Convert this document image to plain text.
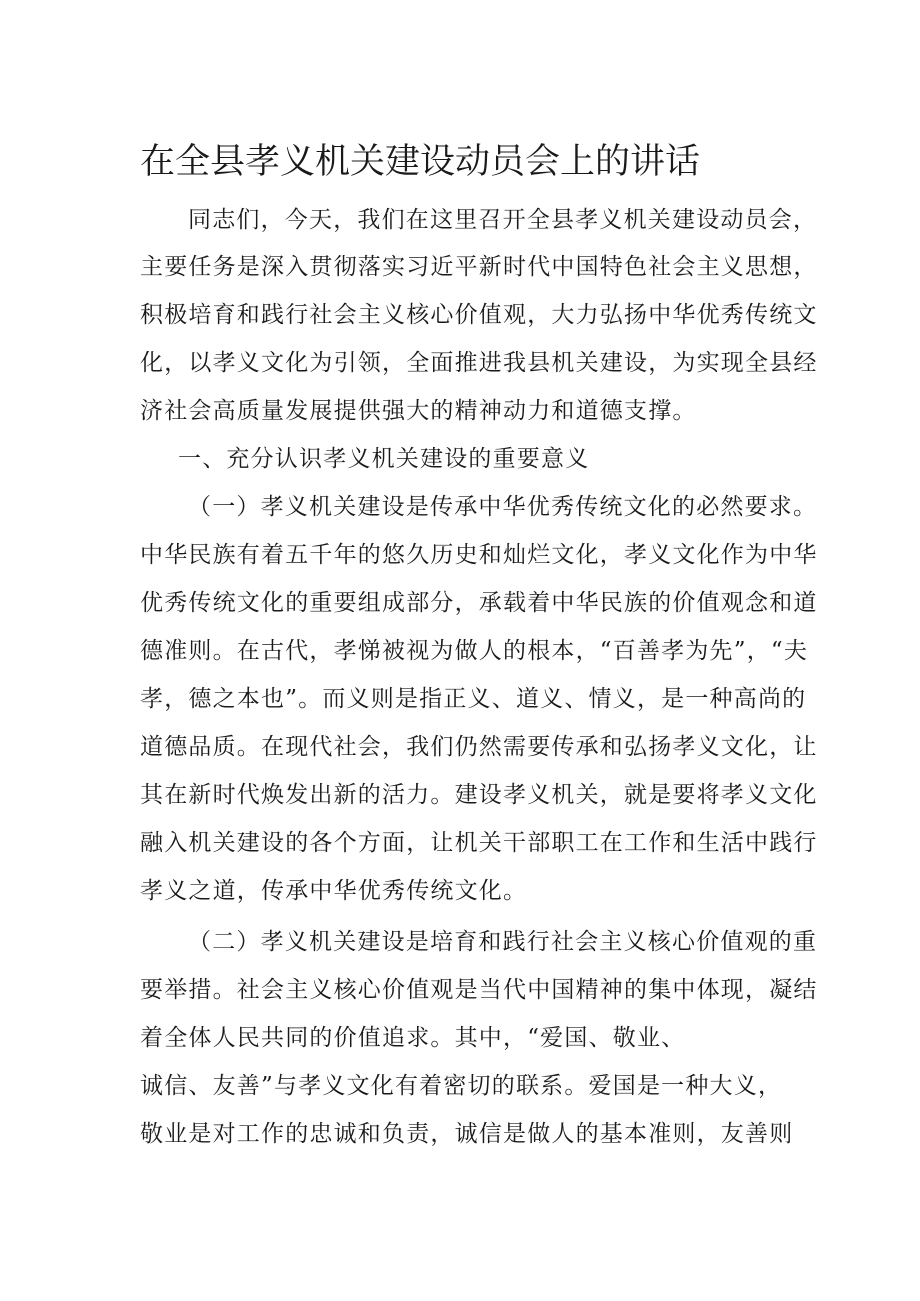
在全县孝义机关建设动员会上的讲话
同志们，今天，我们在这里召开全县孝义机关建设动员会，
主要任务是深入贯彻落实习近平新时代中国特色社会主义思想，
积极培育和践行社会主义核心价值观，大力弘扬中华优秀传统文
化，以孝义文化为引领，全面推进我县机关建设，为实现全县经
济社会高质量发展提供强大的精神动力和道德支撑。
一、充分认识孝义机关建设的重要意义
（一）孝义机关建设是传承中华优秀传统文化的必然要求。
中华民族有着五千年的悠久历史和灿烂文化，孝义文化作为中华
优秀传统文化的重要组成部分，承载着中华民族的价值观念和道
德准则。在古代，孝悌被视为做人的根本，“百善孝为先”，“夫
孝，德之本也”。而义则是指正义、道义、情义，是一种高尚的
道德品质。在现代社会，我们仍然需要传承和弘扬孝义文化，让
其在新时代焕发出新的活力。建设孝义机关，就是要将孝义文化
融入机关建设的各个方面，让机关干部职工在工作和生活中践行
孝义之道，传承中华优秀传统文化。
（二）孝义机关建设是培育和践行社会主义核心价值观的重
要举措。社会主义核心价值观是当代中国精神的集中体现，凝结
着全体人民共同的价值追求。其中，“爱国、敬业、
诚信、友善”与孝义文化有着密切的联系。爱国是一种大义，
敬业是对工作的忠诚和负责，诚信是做人的基本准则，友善则
